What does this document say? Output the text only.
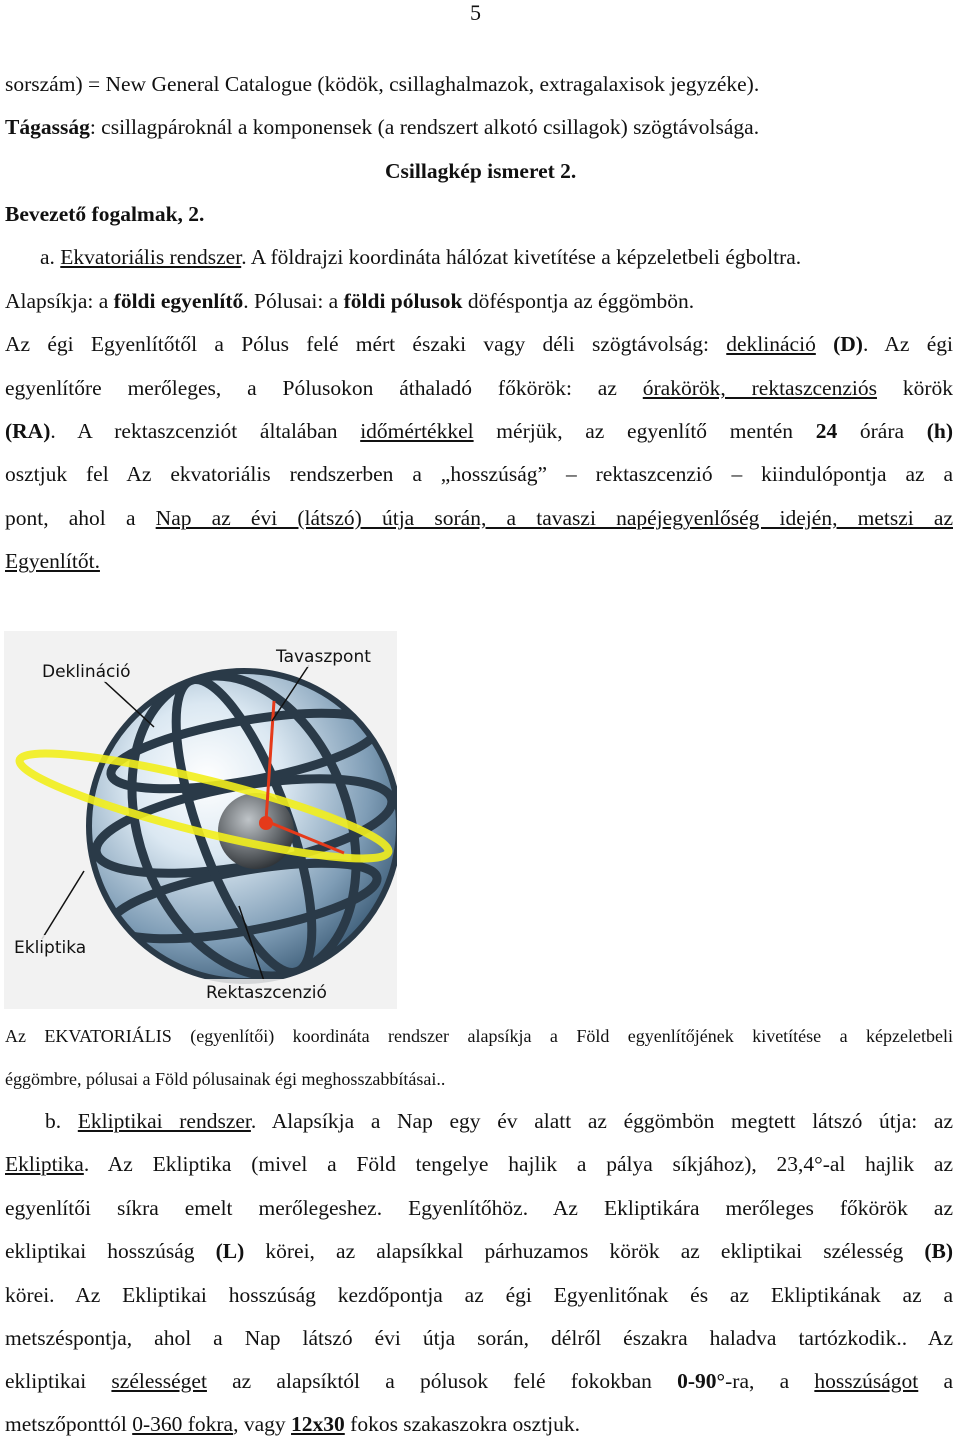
5
sorszám) = New General Catalogue (ködök, csillaghalmazok, extragalaxisok jegyzéke).
Tágasság: csillagpároknál a komponensek (a rendszert alkotó csillagok) szögtávolsága.
Csillagkép ismeret 2.
Bevezető fogalmak, 2.
a. Ekvatoriális rendszer. A földrajzi koordináta hálózat kivetítése a képzeletbeli égboltra.
Alapsíkja: a földi egyenlítő. Pólusai: a földi pólusok döféspontja az éggömbön.
Az égi Egyenlítőtől a Pólus felé mért északi vagy déli szögtávolság: deklináció (D). Az égi
egyenlítőre merőleges, a Pólusokon áthaladó főkörök: az órakörök, rektaszcenziós körök
(RA). A rektaszcenziót általában időmértékkel mérjük, az egyenlítő mentén 24 órára (h)
osztjuk fel Az ekvatoriális rendszerben a „hosszúság” – rektaszcenzió – kiindulópontja az a
pont, ahol a Nap az évi (látszó) útja során, a tavaszi napéjegyenlőség idején, metszi az
Egyenlítőt.
Deklináció
Tavaszpont
Ekliptika
Rektaszcenzió
Az EKVATORIÁLIS (egyenlítői) koordináta rendszer alapsíkja a Föld egyenlítőjének kivetítése a képzeletbeli
éggömbre, pólusai a Föld pólusainak égi meghosszabbításai..
b. Ekliptikai rendszer. Alapsíkja a Nap egy év alatt az éggömbön megtett látszó útja: az
Ekliptika. Az Ekliptika (mivel a Föld tengelye hajlik a pálya síkjához), 23,4°-al hajlik az
egyenlítői síkra emelt merőlegeshez. Egyenlítőhöz. Az Ekliptikára merőleges főkörök az
ekliptikai hosszúság (L) körei, az alapsíkkal párhuzamos körök az ekliptikai szélesség (B)
körei. Az Ekliptikai hosszúság kezdőpontja az égi Egyenlitőnak és az Ekliptikának az a
metszéspontja, ahol a Nap látszó évi útja során, délről északra haladva tartózkodik.. Az
ekliptikai szélességet az alapsíktól a pólusok felé fokokban 0-90°-ra, a hosszúságot a
metszőponttól 0-360 fokra, vagy 12x30 fokos szakaszokra osztjuk.
